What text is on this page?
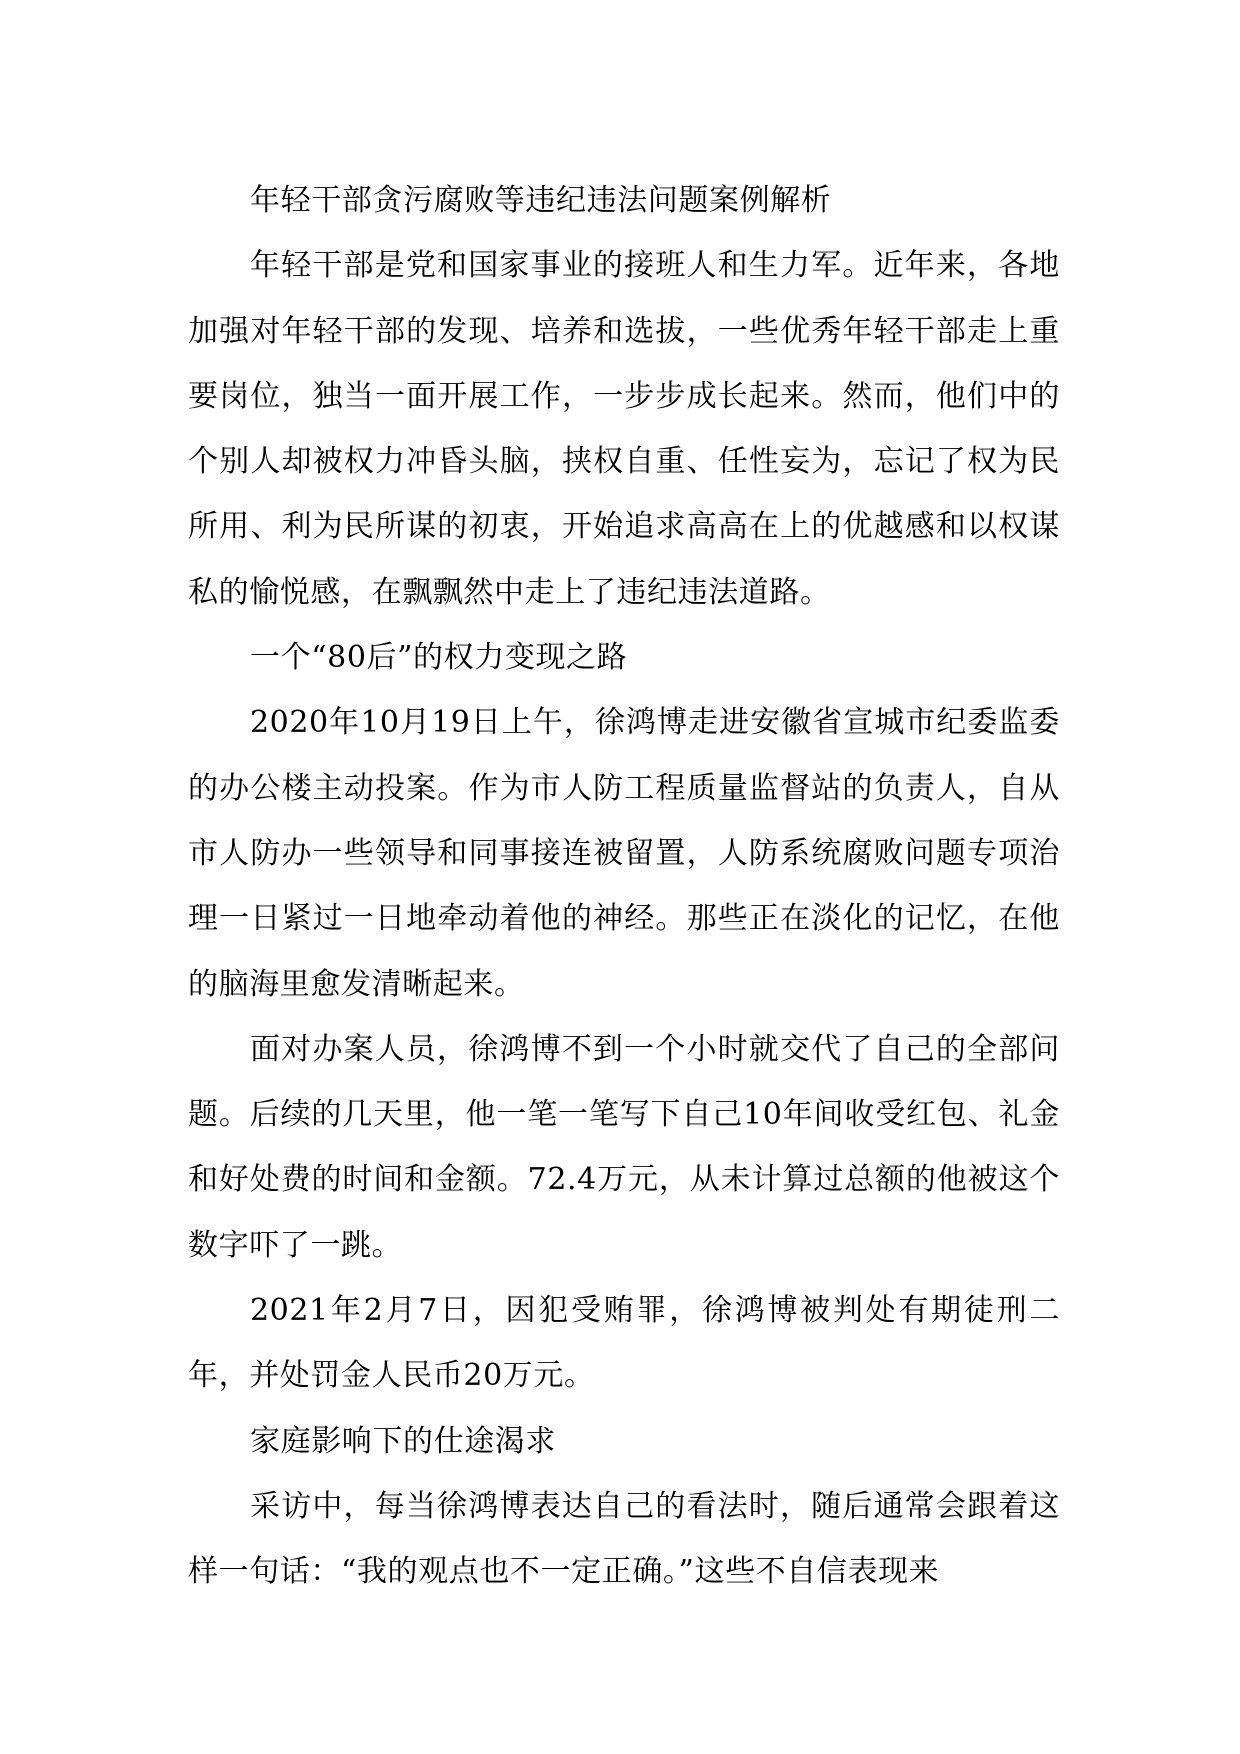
年轻干部贪污腐败等违纪违法问题案例解析

年轻干部是党和国家事业的接班人和生力军。近年来，各地加强对年轻干部的发现、培养和选拔，一些优秀年轻干部走上重要岗位，独当一面开展工作，一步步成长起来。然而，他们中的个别人却被权力冲昏头脑，挟权自重、任性妄为，忘记了权为民所用、利为民所谋的初衷，开始追求高高在上的优越感和以权谋私的愉悦感，在飘飘然中走上了违纪违法道路。

一个“80后”的权力变现之路

2020年10月19日上午，徐鸿博走进安徽省宣城市纪委监委的办公楼主动投案。作为市人防工程质量监督站的负责人，自从市人防办一些领导和同事接连被留置，人防系统腐败问题专项治理一日紧过一日地牵动着他的神经。那些正在淡化的记忆，在他的脑海里愈发清晰起来。

面对办案人员，徐鸿博不到一个小时就交代了自己的全部问题。后续的几天里，他一笔一笔写下自己10年间收受红包、礼金和好处费的时间和金额。72.4万元，从未计算过总额的他被这个数字吓了一跳。

2021年2月7日，因犯受贿罪，徐鸿博被判处有期徒刑二年，并处罚金人民币20万元。

家庭影响下的仕途渴求

采访中，每当徐鸿博表达自己的看法时，随后通常会跟着这样一句话：“我的观点也不一定正确。”这些不自信表现来
